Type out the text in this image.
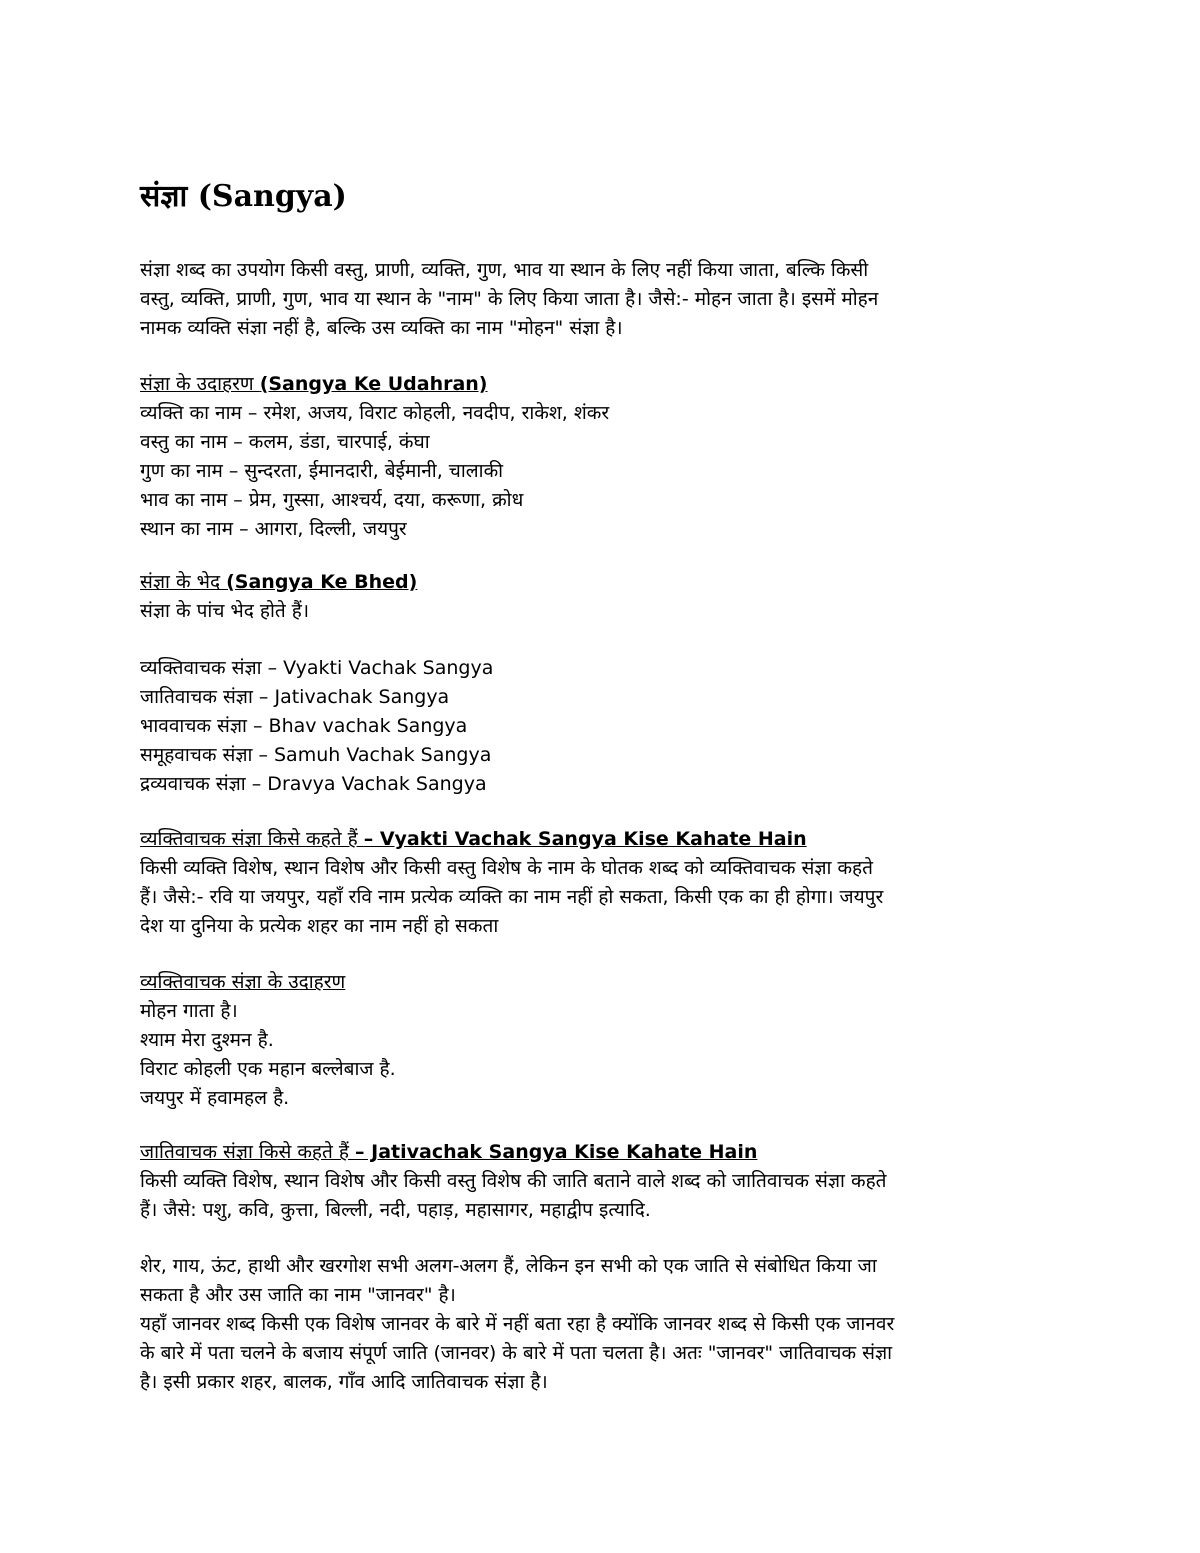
संज्ञा (Sangya)
संज्ञा शब्द का उपयोग किसी वस्तु, प्राणी, व्यक्ति, गुण, भाव या स्थान के लिए नहीं किया जाता, बल्कि किसी
वस्तु, व्यक्ति, प्राणी, गुण, भाव या स्थान के "नाम" के लिए किया जाता है। जैसे:- मोहन जाता है। इसमें मोहन
नामक व्यक्ति संज्ञा नहीं है, बल्कि उस व्यक्ति का नाम "मोहन" संज्ञा है।
संज्ञा के उदाहरण (Sangya Ke Udahran)
व्यक्ति का नाम – रमेश, अजय, विराट कोहली, नवदीप, राकेश, शंकर
वस्तु का नाम – कलम, डंडा, चारपाई, कंघा
गुण का नाम – सुन्दरता, ईमानदारी, बेईमानी, चालाकी
भाव का नाम – प्रेम, गुस्सा, आश्चर्य, दया, करूणा, क्रोध
स्थान का नाम – आगरा, दिल्ली, जयपुर
संज्ञा के भेद (Sangya Ke Bhed)
संज्ञा के पांच भेद होते हैं।
व्यक्तिवाचक संज्ञा – Vyakti Vachak Sangya
जातिवाचक संज्ञा – Jativachak Sangya
भाववाचक संज्ञा – Bhav vachak Sangya
समूहवाचक संज्ञा – Samuh Vachak Sangya
द्रव्यवाचक संज्ञा – Dravya Vachak Sangya
व्यक्तिवाचक संज्ञा किसे कहते हैं – Vyakti Vachak Sangya Kise Kahate Hain
किसी व्यक्ति विशेष, स्थान विशेष और किसी वस्तु विशेष के नाम के घोतक शब्द को व्यक्तिवाचक संज्ञा कहते
हैं। जैसे:- रवि या जयपुर, यहाँ रवि नाम प्रत्येक व्यक्ति का नाम नहीं हो सकता, किसी एक का ही होगा। जयपुर
देश या दुनिया के प्रत्येक शहर का नाम नहीं हो सकता
व्यक्तिवाचक संज्ञा के उदाहरण
मोहन गाता है।
श्याम मेरा दुश्मन है.
विराट कोहली एक महान बल्लेबाज है.
जयपुर में हवामहल है.
जातिवाचक संज्ञा किसे कहते हैं – Jativachak Sangya Kise Kahate Hain
किसी व्यक्ति विशेष, स्थान विशेष और किसी वस्तु विशेष की जाति बताने वाले शब्द को जातिवाचक संज्ञा कहते
हैं। जैसे: पशु, कवि, कुत्ता, बिल्ली, नदी, पहाड़, महासागर, महाद्वीप इत्यादि.
शेर, गाय, ऊंट, हाथी और खरगोश सभी अलग-अलग हैं, लेकिन इन सभी को एक जाति से संबोधित किया जा
सकता है और उस जाति का नाम "जानवर" है।
यहाँ जानवर शब्द किसी एक विशेष जानवर के बारे में नहीं बता रहा है क्योंकि जानवर शब्द से किसी एक जानवर
के बारे में पता चलने के बजाय संपूर्ण जाति (जानवर) के बारे में पता चलता है। अतः "जानवर" जातिवाचक संज्ञा
है। इसी प्रकार शहर, बालक, गाँव आदि जातिवाचक संज्ञा है।
